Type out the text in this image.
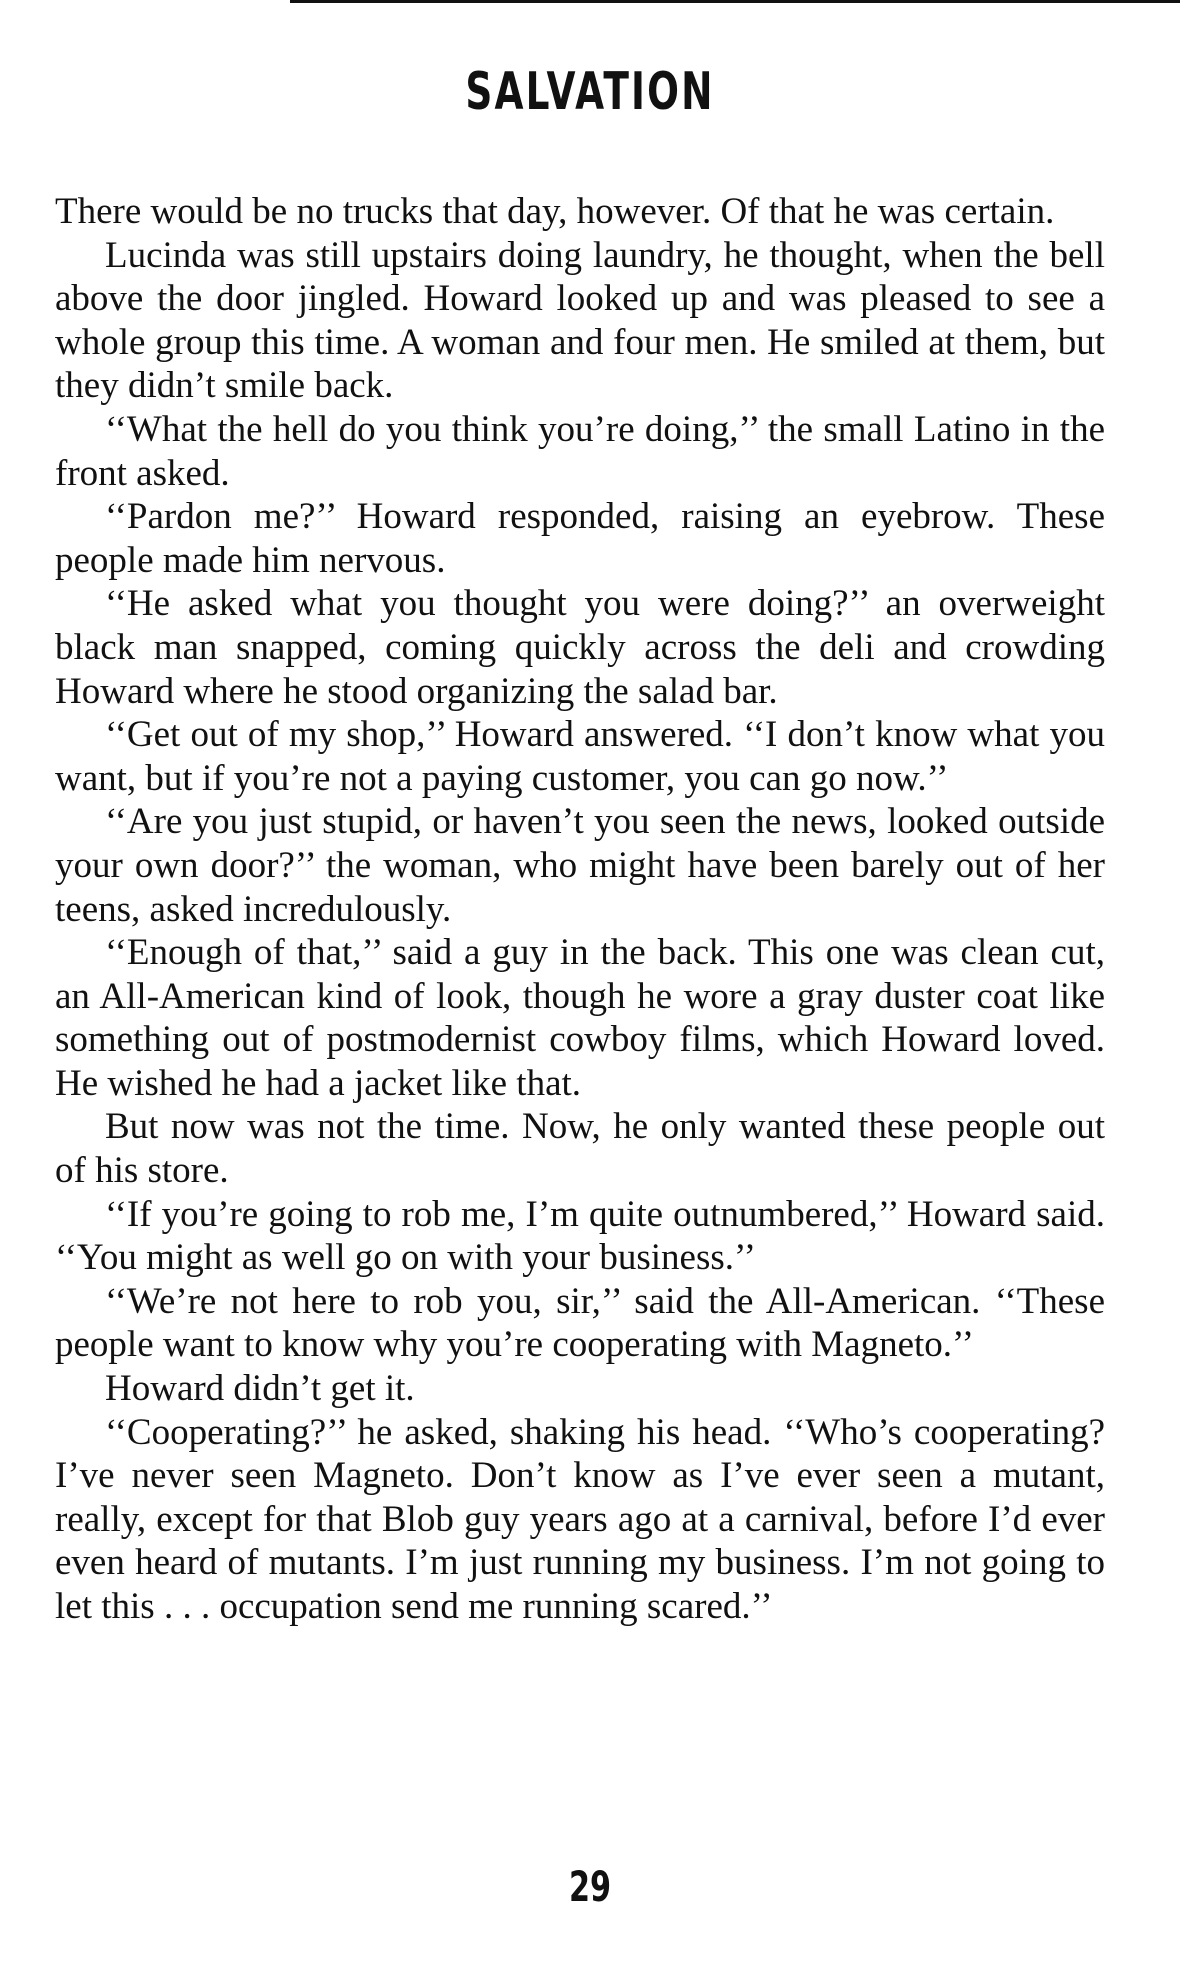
SALVATION

There would be no trucks that day, however. Of that he was certain.

Lucinda was still upstairs doing laundry, he thought, when the bell above the door jingled. Howard looked up and was pleased to see a whole group this time. A woman and four men. He smiled at them, but they didn’t smile back.

‘‘What the hell do you think you’re doing,’’ the small Latino in the front asked.

‘‘Pardon me?’’ Howard responded, raising an eyebrow. These people made him nervous.

‘‘He asked what you thought you were doing?’’ an overweight black man snapped, coming quickly across the deli and crowding Howard where he stood organizing the salad bar.

‘‘Get out of my shop,’’ Howard answered. ‘‘I don’t know what you want, but if you’re not a paying customer, you can go now.’’

‘‘Are you just stupid, or haven’t you seen the news, looked outside your own door?’’ the woman, who might have been barely out of her teens, asked incredulously.

‘‘Enough of that,’’ said a guy in the back. This one was clean cut, an All-American kind of look, though he wore a gray duster coat like something out of postmodernist cowboy films, which Howard loved. He wished he had a jacket like that.

But now was not the time. Now, he only wanted these people out of his store.

‘‘If you’re going to rob me, I’m quite outnumbered,’’ Howard said. ‘‘You might as well go on with your business.’’

‘‘We’re not here to rob you, sir,’’ said the All-American. ‘‘These people want to know why you’re cooperating with Magneto.’’

Howard didn’t get it.

‘‘Cooperating?’’ he asked, shaking his head. ‘‘Who’s cooperating? I’ve never seen Magneto. Don’t know as I’ve ever seen a mutant, really, except for that Blob guy years ago at a carnival, before I’d ever even heard of mutants. I’m just running my business. I’m not going to let this . . . occupation send me running scared.’’

29
